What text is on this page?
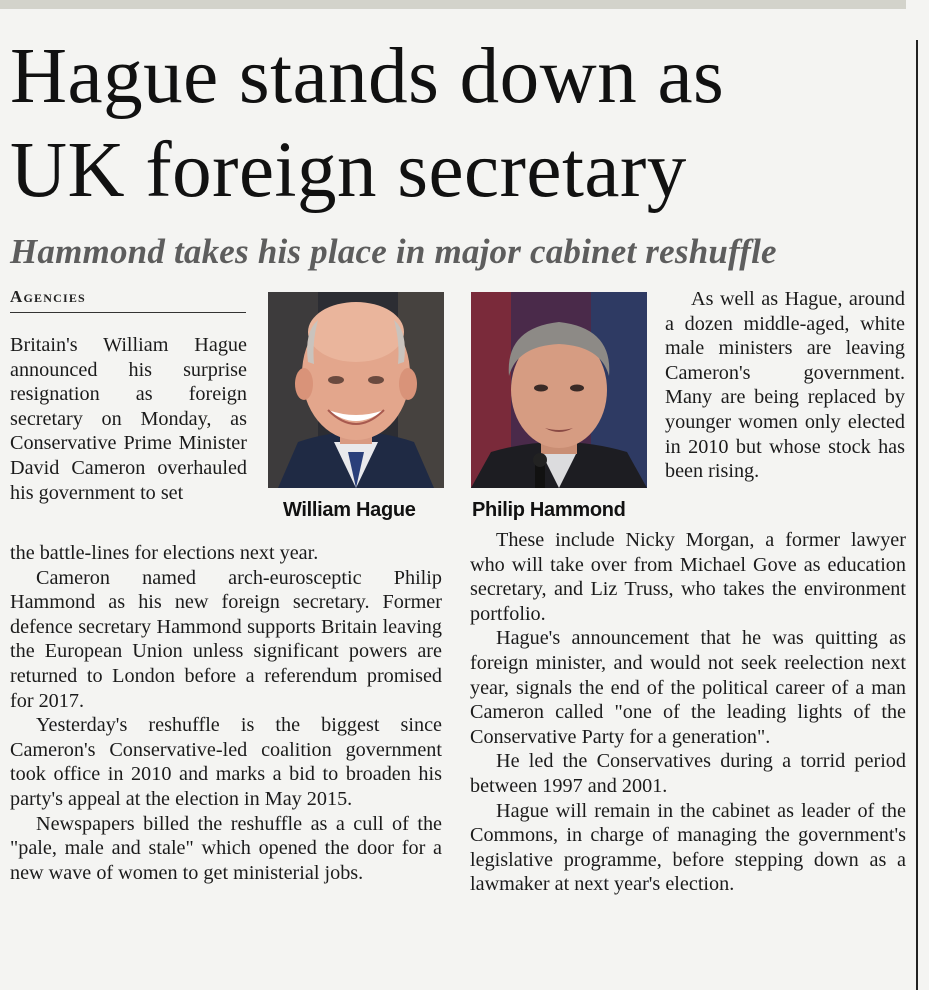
Hague stands down as
UK foreign secretary
Hammond takes his place in major cabinet reshuffle
Agencies

Britain's William Hague announced his surprise resignation as foreign secretary on Monday, as Conservative Prime Minister David Cameron overhauled his government to set

the battle-lines for elections next year.

Cameron named arch-eurosceptic Philip Hammond as his new foreign secretary. Former defence secretary Hammond supports Britain leaving the European Union unless significant powers are returned to London before a referendum promised for 2017.

Yesterday's reshuffle is the biggest since Cameron's Conservative-led coalition government took office in 2010 and marks a bid to broaden his party's appeal at the election in May 2015.

Newspapers billed the reshuffle as a cull of the "pale, male and stale" which opened the door for a new wave of women to get ministerial jobs.

William Hague	Philip Hammond

As well as Hague, around a dozen middle-aged, white male ministers are leaving Cameron's government. Many are being replaced by younger women only elected in 2010 but whose stock has been rising.

These include Nicky Morgan, a former lawyer who will take over from Michael Gove as education secretary, and Liz Truss, who takes the environment portfolio.

Hague's announcement that he was quitting as foreign minister, and would not seek reelection next year, signals the end of the political career of a man Cameron called "one of the leading lights of the Conservative Party for a generation".

He led the Conservatives during a torrid period between 1997 and 2001.

Hague will remain in the cabinet as leader of the Commons, in charge of managing the government's legislative programme, before stepping down as a lawmaker at next year's election.
